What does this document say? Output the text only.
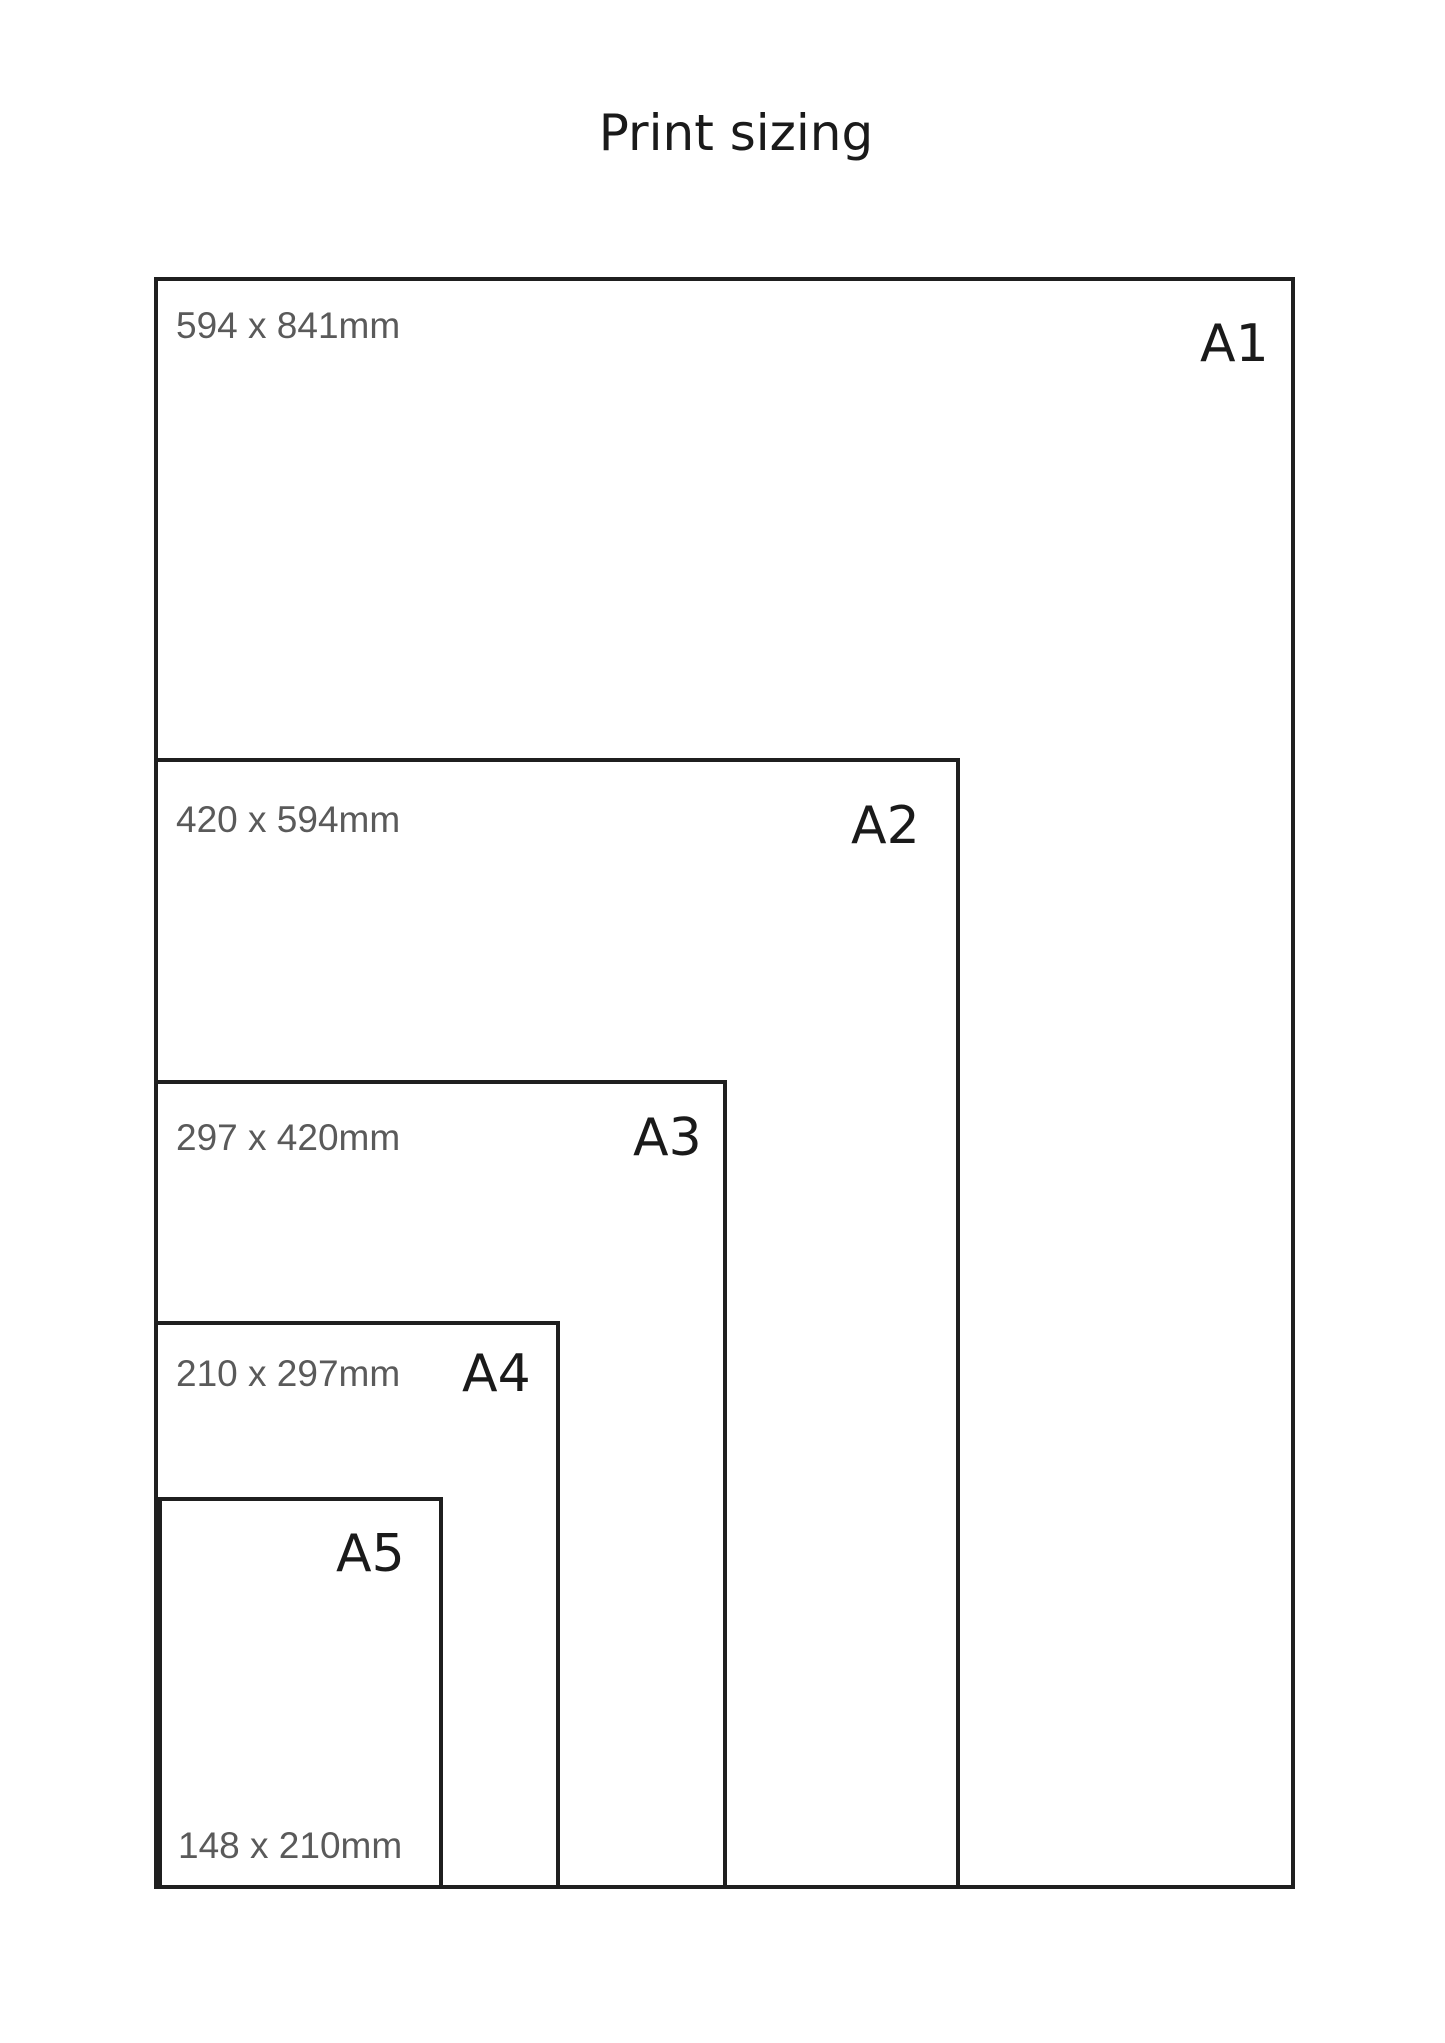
Print sizing
594 x 841mm	A1
420 x 594mm	A2
297 x 420mm	A3
210 x 297mm A4
A5
148 x 210mm
